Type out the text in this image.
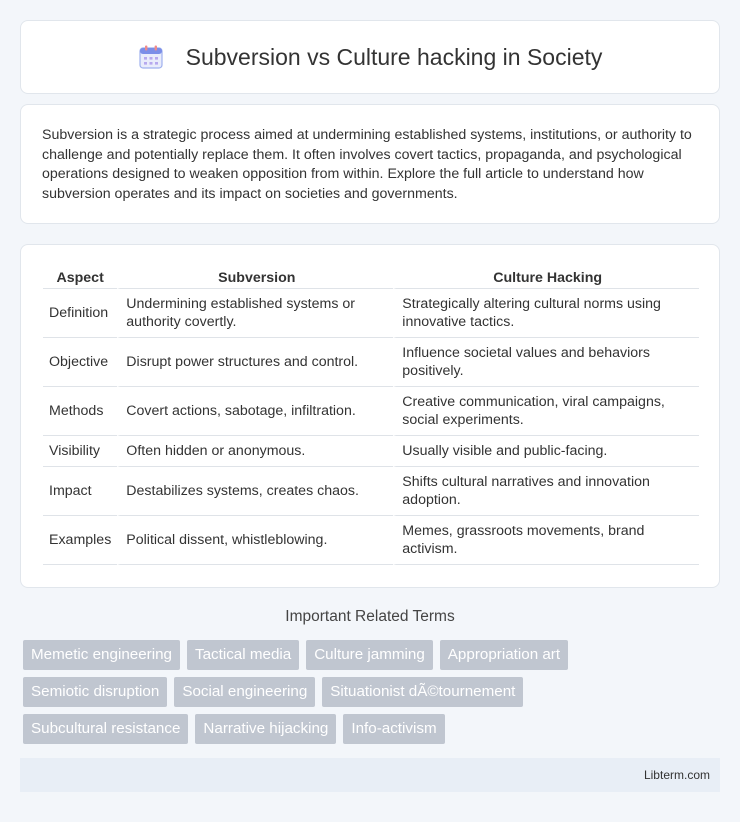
Subversion vs Culture hacking in Society

Subversion is a strategic process aimed at undermining established systems, institutions, or authority to challenge and potentially replace them. It often involves covert tactics, propaganda, and psychological operations designed to weaken opposition from within. Explore the full article to understand how subversion operates and its impact on societies and governments.

Aspect	Subversion	Culture Hacking
Definition	Undermining established systems or authority covertly.	Strategically altering cultural norms using innovative tactics.
Objective	Disrupt power structures and control.	Influence societal values and behaviors positively.
Methods	Covert actions, sabotage, infiltration.	Creative communication, viral campaigns, social experiments.
Visibility	Often hidden or anonymous.	Usually visible and public-facing.
Impact	Destabilizes systems, creates chaos.	Shifts cultural narratives and innovation adoption.
Examples	Political dissent, whistleblowing.	Memes, grassroots movements, brand activism.
Important Related Terms
Memetic engineering	Tactical media	Culture jamming	Appropriation art
Semiotic disruption	Social engineering	Situationist dÃ©tournement
Subcultural resistance	Narrative hijacking	Info-activism
Libterm.com
